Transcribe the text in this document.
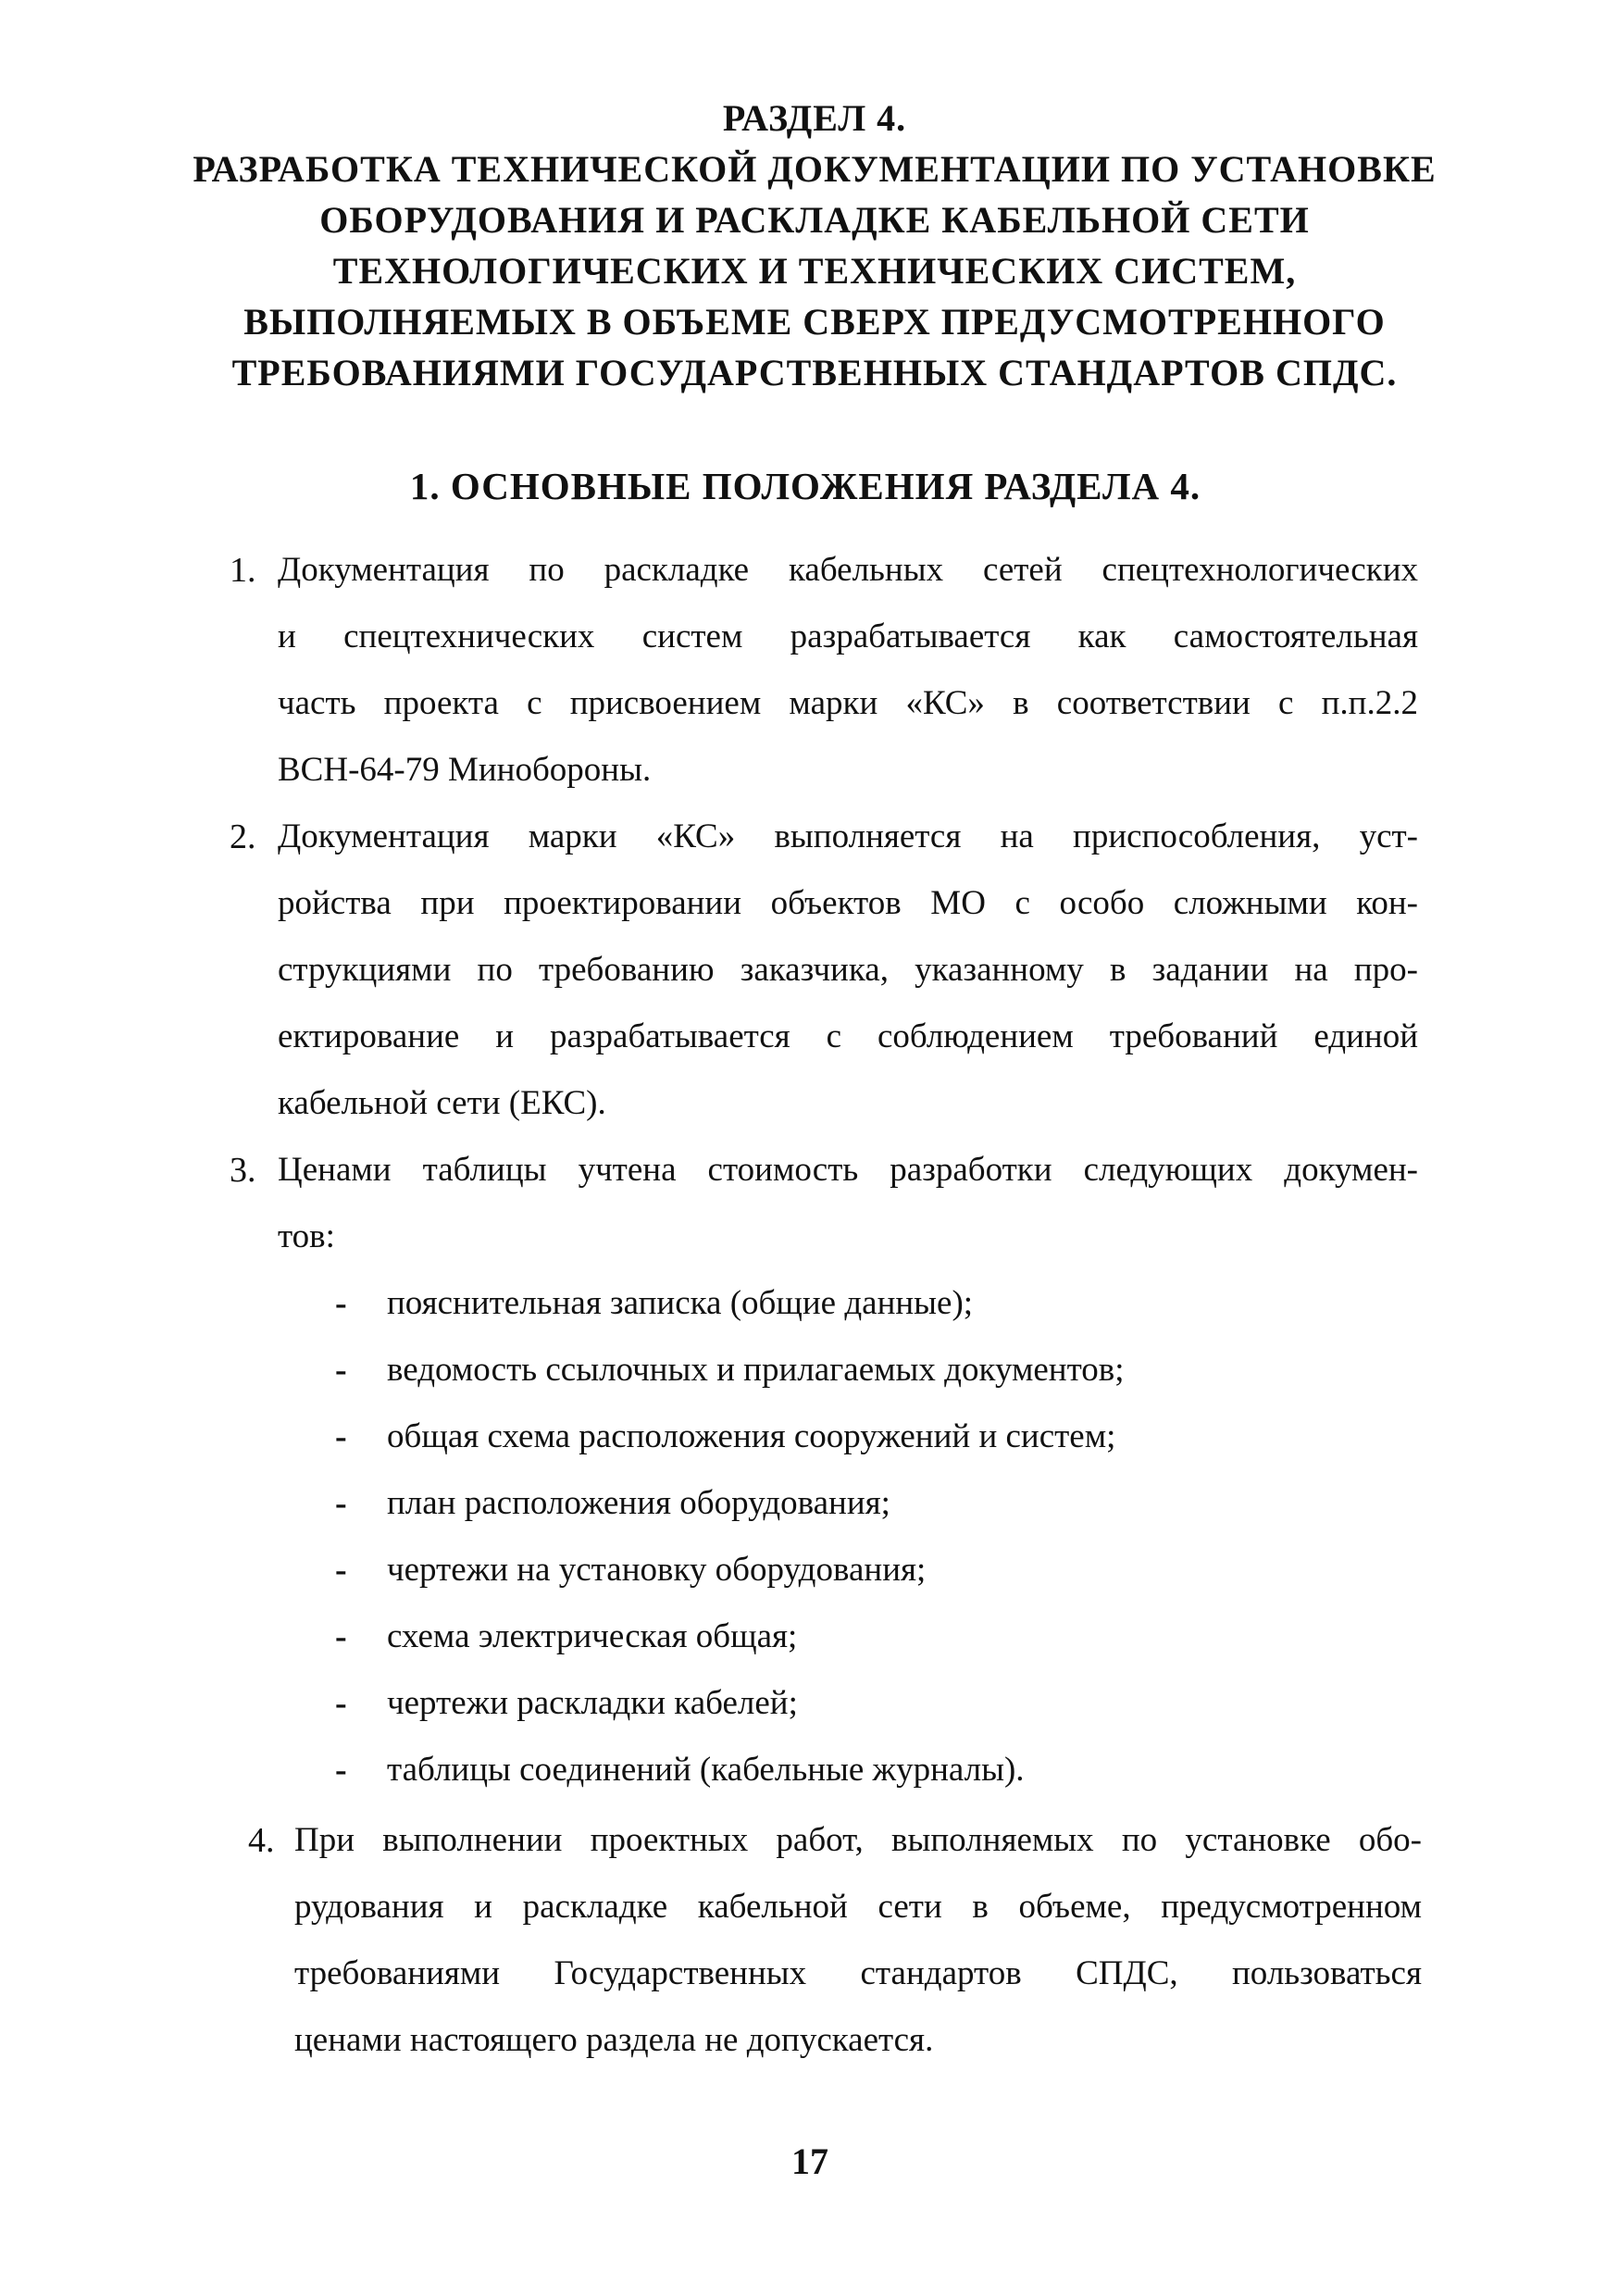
РАЗДЕЛ 4.
РАЗРАБОТКА ТЕХНИЧЕСКОЙ ДОКУМЕНТАЦИИ ПО УСТАНОВКЕ
ОБОРУДОВАНИЯ И РАСКЛАДКЕ КАБЕЛЬНОЙ СЕТИ
ТЕХНОЛОГИЧЕСКИХ И ТЕХНИЧЕСКИХ СИСТЕМ,
ВЫПОЛНЯЕМЫХ В ОБЪЕМЕ СВЕРХ ПРЕДУСМОТРЕННОГО
ТРЕБОВАНИЯМИ ГОСУДАРСТВЕННЫХ СТАНДАРТОВ СПДС.
1. ОСНОВНЫЕ ПОЛОЖЕНИЯ РАЗДЕЛА 4.
1. Документация по раскладке кабельных сетей спецтехнологических
и спецтехнических систем разрабатывается как самостоятельная
часть проекта с присвоением марки «КС» в соответствии с п.п.2.2
ВСН-64-79 Минобороны.
2. Документация марки «КС» выполняется на приспособления, уст-
ройства при проектировании объектов МО с особо сложными кон-
струкциями по требованию заказчика, указанному в задании на про-
ектирование и разрабатывается с соблюдением требований единой
кабельной сети (ЕКС).
3. Ценами таблицы учтена стоимость разработки следующих докумен-
тов:
- пояснительная записка (общие данные);
- ведомость ссылочных и прилагаемых документов;
- общая схема расположения сооружений и систем;
- план расположения оборудования;
- чертежи на установку оборудования;
- схема электрическая общая;
- чертежи раскладки кабелей;
- таблицы соединений (кабельные журналы).
4. При выполнении проектных работ, выполняемых по установке обо-
рудования и раскладке кабельной сети в объеме, предусмотренном
требованиями Государственных стандартов СПДС, пользоваться
ценами настоящего раздела не допускается.
17
